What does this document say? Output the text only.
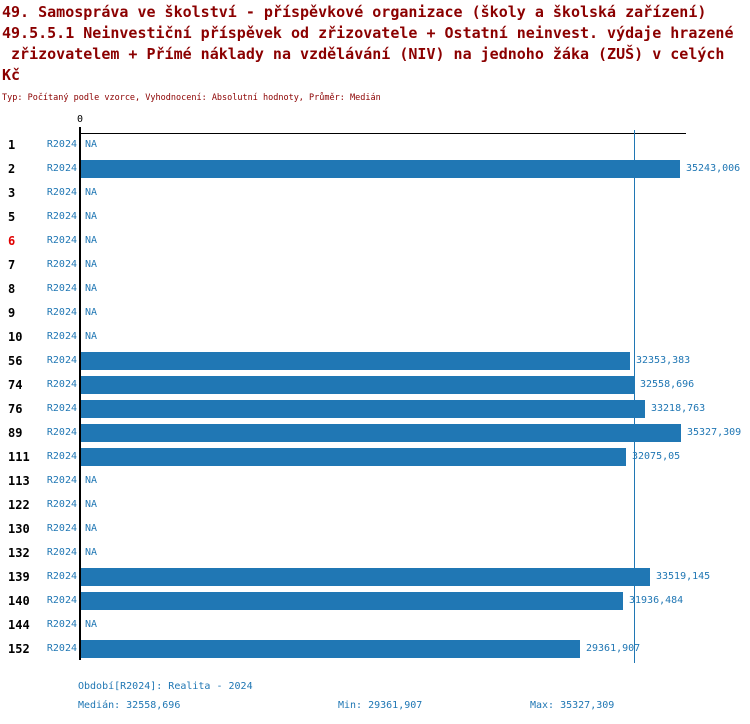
49. Samospráva ve školství - příspěvkové organizace (školy a školská zařízení)
49.5.5.1 Neinvestiční příspěvek od zřizovatele + Ostatní neinvest. výdaje hrazené
zřizovatelem + Přímé náklady na vzdělávání (NIV) na jednoho žáka (ZUŠ) v celých
Kč
Typ: Počítaný podle vzorce, Vyhodnocení: Absolutní hodnoty, Průměr: Medián
0
1	R2024 NA
2	R2024	35243,006
3	R2024 NA
5	R2024 NA
6	R2024 NA
7	R2024 NA
8	R2024 NA
9	R2024 NA
10	R2024 NA
56	R2024	32353,383
74	R2024	32558,696
76	R2024	33218,763
89	R2024	35327,309
111	R2024	32075,05
113	R2024 NA
122	R2024 NA
130	R2024 NA
132	R2024 NA
139	R2024	33519,145
140	R2024	31936,484
144	R2024 NA
152	R2024	29361,907
Období[R2024]: Realita - 2024
Medián: 32558,696	Min: 29361,907	Max: 35327,309
